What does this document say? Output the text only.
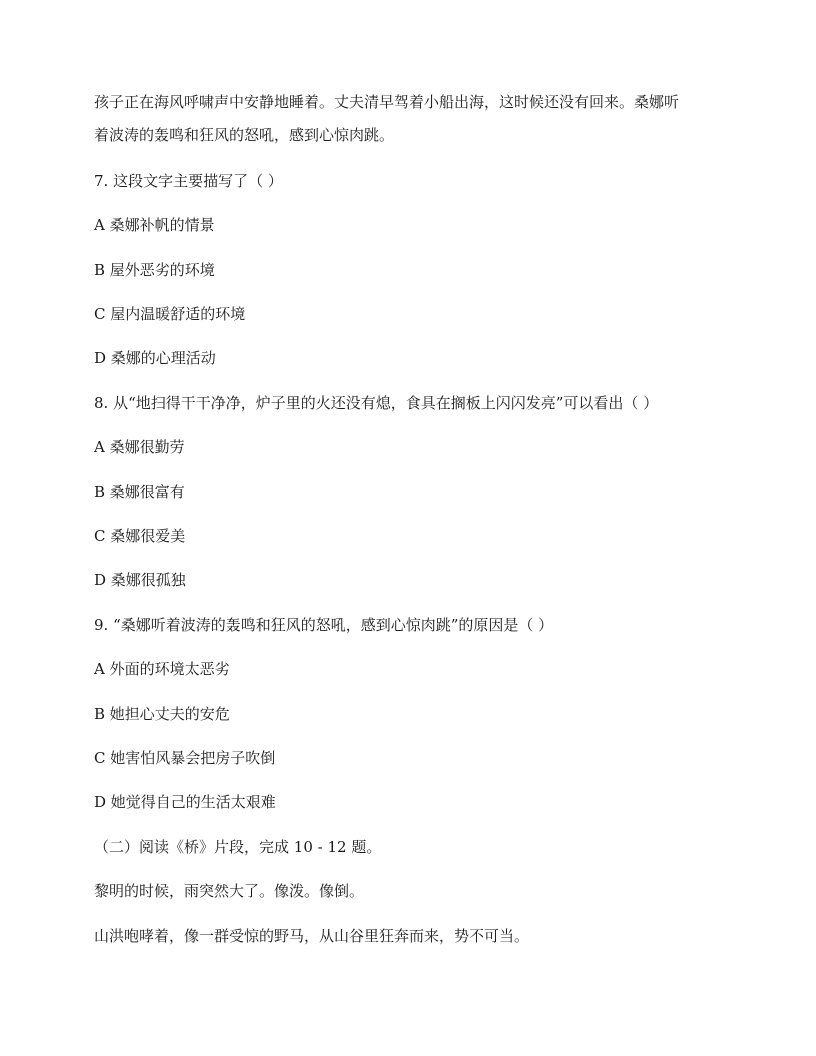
孩子正在海风呼啸声中安静地睡着。丈夫清早驾着小船出海，这时候还没有回来。桑娜听
着波涛的轰鸣和狂风的怒吼，感到心惊肉跳。
7. 这段文字主要描写了（ ）
A 桑娜补帆的情景
B 屋外恶劣的环境
C 屋内温暖舒适的环境
D 桑娜的心理活动
8. 从“地扫得干干净净，炉子里的火还没有熄，食具在搁板上闪闪发亮”可以看出（ ）
A 桑娜很勤劳
B 桑娜很富有
C 桑娜很爱美
D 桑娜很孤独
9. “桑娜听着波涛的轰鸣和狂风的怒吼，感到心惊肉跳”的原因是（ ）
A 外面的环境太恶劣
B 她担心丈夫的安危
C 她害怕风暴会把房子吹倒
D 她觉得自己的生活太艰难
（二）阅读《桥》片段，完成 10 - 12 题。
黎明的时候，雨突然大了。像泼。像倒。
山洪咆哮着，像一群受惊的野马，从山谷里狂奔而来，势不可当。
